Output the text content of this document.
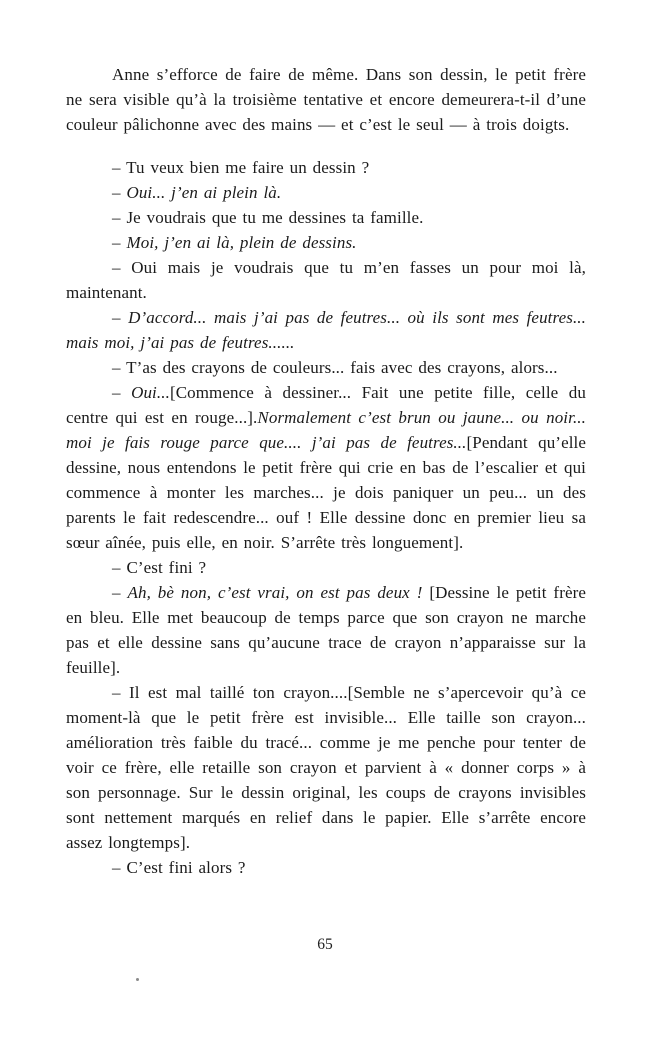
Anne s’efforce de faire de même. Dans son dessin, le petit frère ne sera visible qu’à la troisième tentative et encore demeurera-t-il d’une couleur pâlichonne avec des mains — et c’est le seul — à trois doigts.

– Tu veux bien me faire un dessin ?

– Oui... j’en ai plein là.

– Je voudrais que tu me dessines ta famille.

– Moi, j’en ai là, plein de dessins.

– Oui mais je voudrais que tu m’en fasses un pour moi là, maintenant.

– D’accord... mais j’ai pas de feutres... où ils sont mes feutres... mais moi, j’ai pas de feutres......

– T’as des crayons de couleurs... fais avec des crayons, alors...

– Oui...[Commence à dessiner... Fait une petite fille, celle du centre qui est en rouge...].Normalement c’est brun ou jaune... ou noir... moi je fais rouge parce que.... j’ai pas de feutres...[Pendant qu’elle dessine, nous entendons le petit frère qui crie en bas de l’escalier et qui commence à monter les marches... je dois paniquer un peu... un des parents le fait redescendre... ouf ! Elle dessine donc en premier lieu sa sœur aînée, puis elle, en noir. S’arrête très longuement].

– C’est fini ?

– Ah, bè non, c’est vrai, on est pas deux ! [Dessine le petit frère en bleu. Elle met beaucoup de temps parce que son crayon ne marche pas et elle dessine sans qu’aucune trace de crayon n’apparaisse sur la feuille].

– Il est mal taillé ton crayon....[Semble ne s’apercevoir qu’à ce moment-là que le petit frère est invisible... Elle taille son crayon... amélioration très faible du tracé... comme je me penche pour tenter de voir ce frère, elle retaille son crayon et parvient à « donner corps » à son personnage. Sur le dessin original, les coups de crayons invisibles sont nettement marqués en relief dans le papier. Elle s’arrête encore assez longtemps].

– C’est fini alors ?

65
